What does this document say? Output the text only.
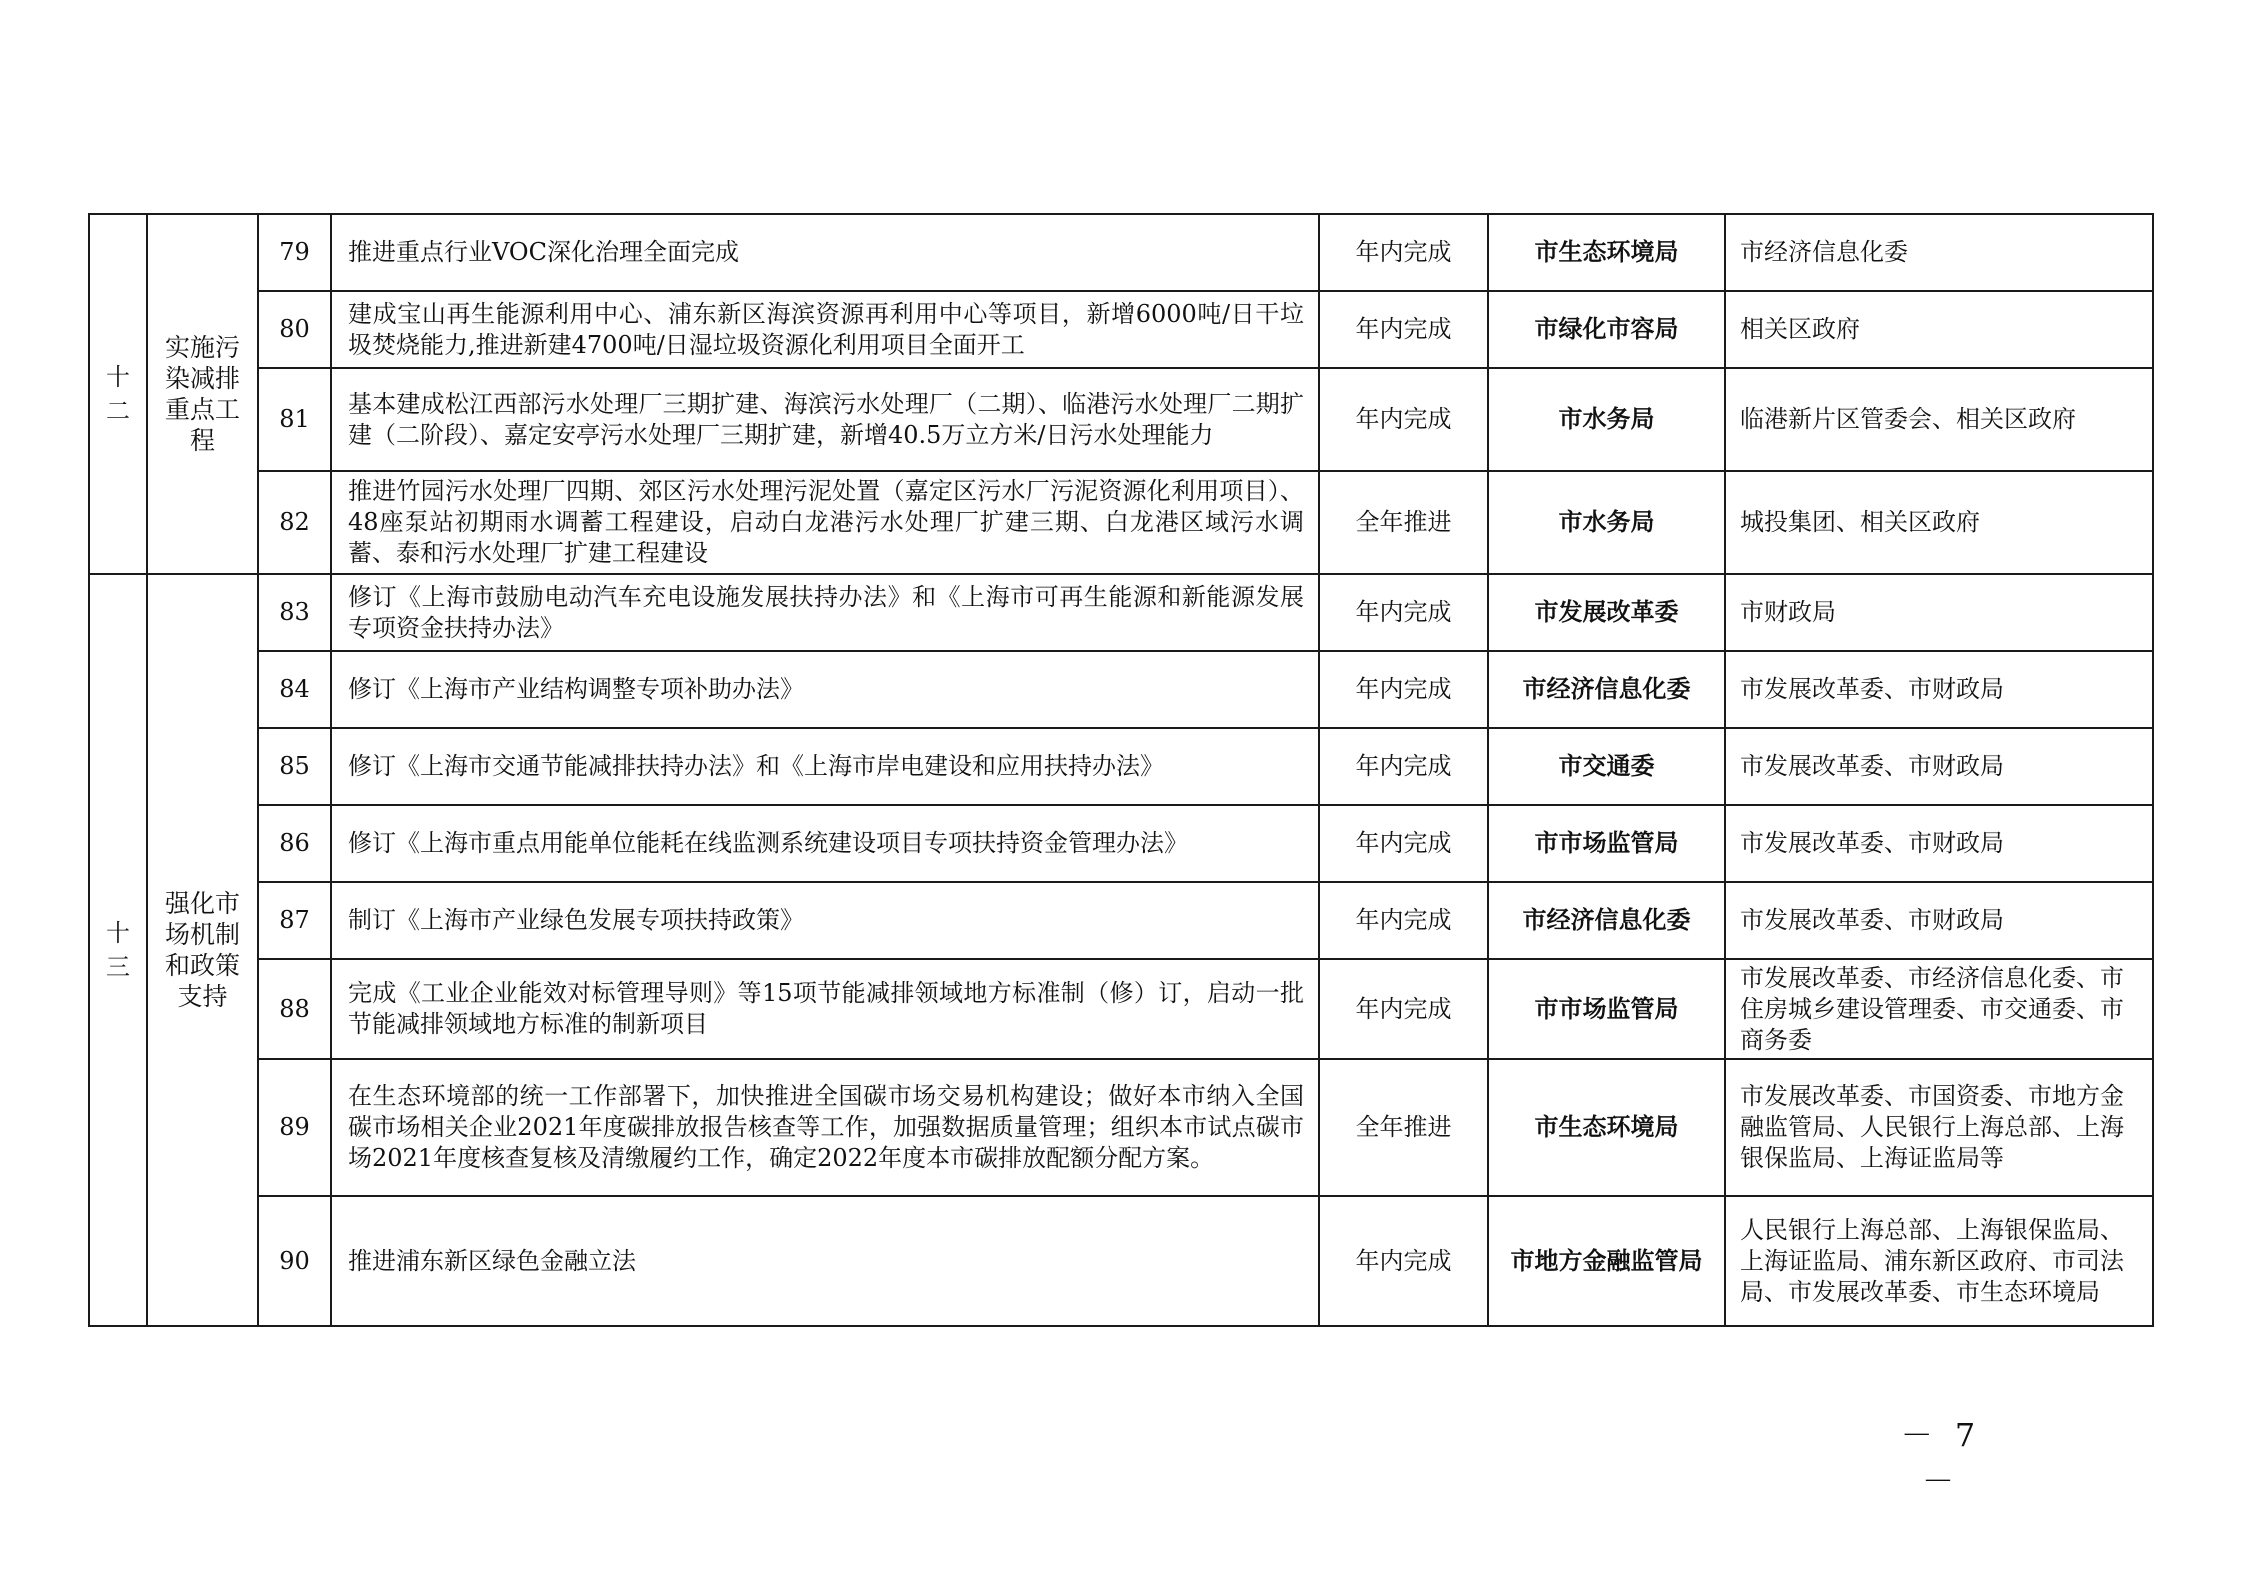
十二	实施污染减排重点工程	79	推进重点行业VOC深化治理全面完成	年内完成	市生态环境局	市经济信息化委
		80	建成宝山再生能源利用中心、浦东新区海滨资源再利用中心等项目，新增6000吨/日干垃圾焚烧能力,推进新建4700吨/日湿垃圾资源化利用项目全面开工	年内完成	市绿化市容局	相关区政府
		81	基本建成松江西部污水处理厂三期扩建、海滨污水处理厂（二期）、临港污水处理厂二期扩建（二阶段）、嘉定安亭污水处理厂三期扩建，新增40.5万立方米/日污水处理能力	年内完成	市水务局	临港新片区管委会、相关区政府
		82	推进竹园污水处理厂四期、郊区污水处理污泥处置（嘉定区污水厂污泥资源化利用项目）、48座泵站初期雨水调蓄工程建设，启动白龙港污水处理厂扩建三期、白龙港区域污水调蓄、泰和污水处理厂扩建工程建设	全年推进	市水务局	城投集团、相关区政府
十三	强化市场机制和政策支持	83	修订《上海市鼓励电动汽车充电设施发展扶持办法》和《上海市可再生能源和新能源发展专项资金扶持办法》	年内完成	市发展改革委	市财政局
		84	修订《上海市产业结构调整专项补助办法》	年内完成	市经济信息化委	市发展改革委、市财政局
		85	修订《上海市交通节能减排扶持办法》和《上海市岸电建设和应用扶持办法》	年内完成	市交通委	市发展改革委、市财政局
		86	修订《上海市重点用能单位能耗在线监测系统建设项目专项扶持资金管理办法》	年内完成	市市场监管局	市发展改革委、市财政局
		87	制订《上海市产业绿色发展专项扶持政策》	年内完成	市经济信息化委	市发展改革委、市财政局
		88	完成《工业企业能效对标管理导则》等15项节能减排领域地方标准制（修）订，启动一批节能减排领域地方标准的制新项目	年内完成	市市场监管局	市发展改革委、市经济信息化委、市住房城乡建设管理委、市交通委、市商务委
		89	在生态环境部的统一工作部署下，加快推进全国碳市场交易机构建设；做好本市纳入全国碳市场相关企业2021年度碳排放报告核查等工作，加强数据质量管理；组织本市试点碳市场2021年度核查复核及清缴履约工作，确定2022年度本市碳排放配额分配方案。	全年推进	市生态环境局	市发展改革委、市国资委、市地方金融监管局、人民银行上海总部、上海银保监局、上海证监局等
		90	推进浦东新区绿色金融立法	年内完成	市地方金融监管局	人民银行上海总部、上海银保监局、上海证监局、浦东新区政府、市司法局、市发展改革委、市生态环境局
－ 7 －
